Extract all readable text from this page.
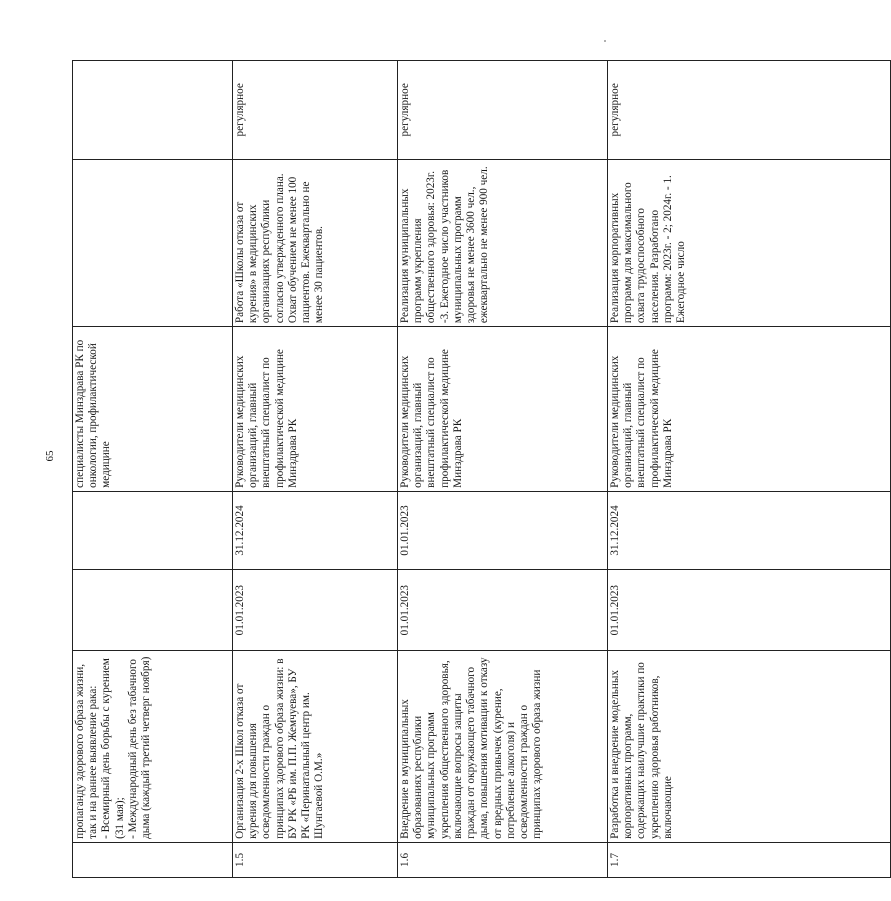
65
	пропаганду здорового образа жизни, так и на раннее выявление рака:
- Всемирный день борьбы с курением (31 мая);
- Международный день без табачного дыма (каждый третий четверг ноября)			специалисты Минздрава РК по онкологии, профилактической медицине		
1.5	Организация 2-х Школ отказа от курения для повышения осведомленности граждан о принципах здорового образа жизни: в БУ РК «РБ им. П.П. Жемчуева», БУ РК «Перинатальный центр им. Шунгаевой О.М.»	01.01.2023	31.12.2024	Руководители медицинских организаций, главный внештатный специалист по профилактической медицине Минздрава РК	Работа «Школы отказа от курения» в медицинских организациях республики согласно утвержденного плана.
Охват обучением не менее 100 пациентов. Ежеквартально не менее 30 пациентов.	регулярное
1.6	Внедрение в муниципальных образованиях республики муниципальных программ укрепления общественного здоровья, включающие вопросы защиты граждан от окружающего табачного дыма, повышения мотивации к отказу от вредных привычек (курение, потребление алкоголя) и осведомленности граждан о принципах здорового образа жизни	01.01.2023	01.01.2023	Руководители медицинских организаций, главный внештатный специалист по профилактической медицине Минздрава РК	Реализация муниципальных программ укрепления общественного здоровья: 2023г. -3. Ежегодное число участников муниципальных программ здоровья не менее 3600 чел., ежеквартально не менее 900 чел.	регулярное
1.7	Разработка и внедрение модельных корпоративных программ, содержащих наилучшие практики по укреплению здоровья работников, включающие	01.01.2023	31.12.2024	Руководители медицинских организаций, главный внештатный специалист по профилактической медицине Минздрава РК	Реализация корпоративных программ для максимального охвата трудоспособного населения. Разработано программ: 2023г. - 2; 2024г. - 1. Ежегодное число	регулярное
